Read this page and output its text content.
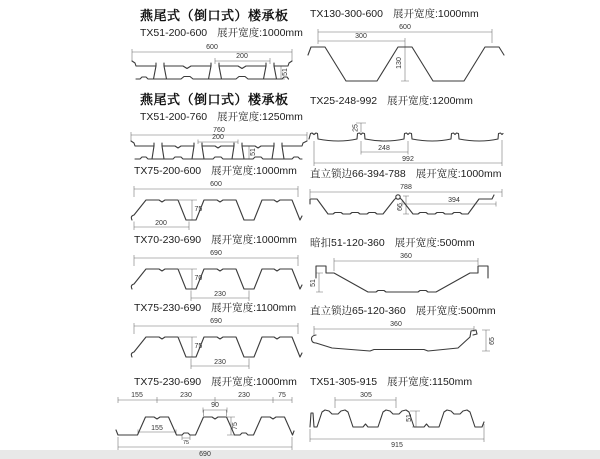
燕尾式（倒口式）楼承板
TX51-200-600 展开宽度:1000mm
600
200
51
燕尾式（倒口式）楼承板
TX51-200-760 展开宽度:1250mm
760
200
51
TX75-200-600 展开宽度:1000mm
600
75
200
TX70-230-690 展开宽度:1000mm
690
70
230
TX75-230-690 展开宽度:1100mm
690
75
230
TX75-230-690 展开宽度:1000mm
155	230	230	75
90
155
75
75
690
TX130-300-600 展开宽度:1000mm
600
300
130
TX25-248-992 展开宽度:1200mm
25
248
992
直立锁边66-394-788 展开宽度:1000mm
394
66
788
暗扣51-120-360 展开宽度:500mm
360
51
直立锁边65-120-360 展开宽度:500mm
360
65
TX51-305-915 展开宽度:1150mm
305
51
915
